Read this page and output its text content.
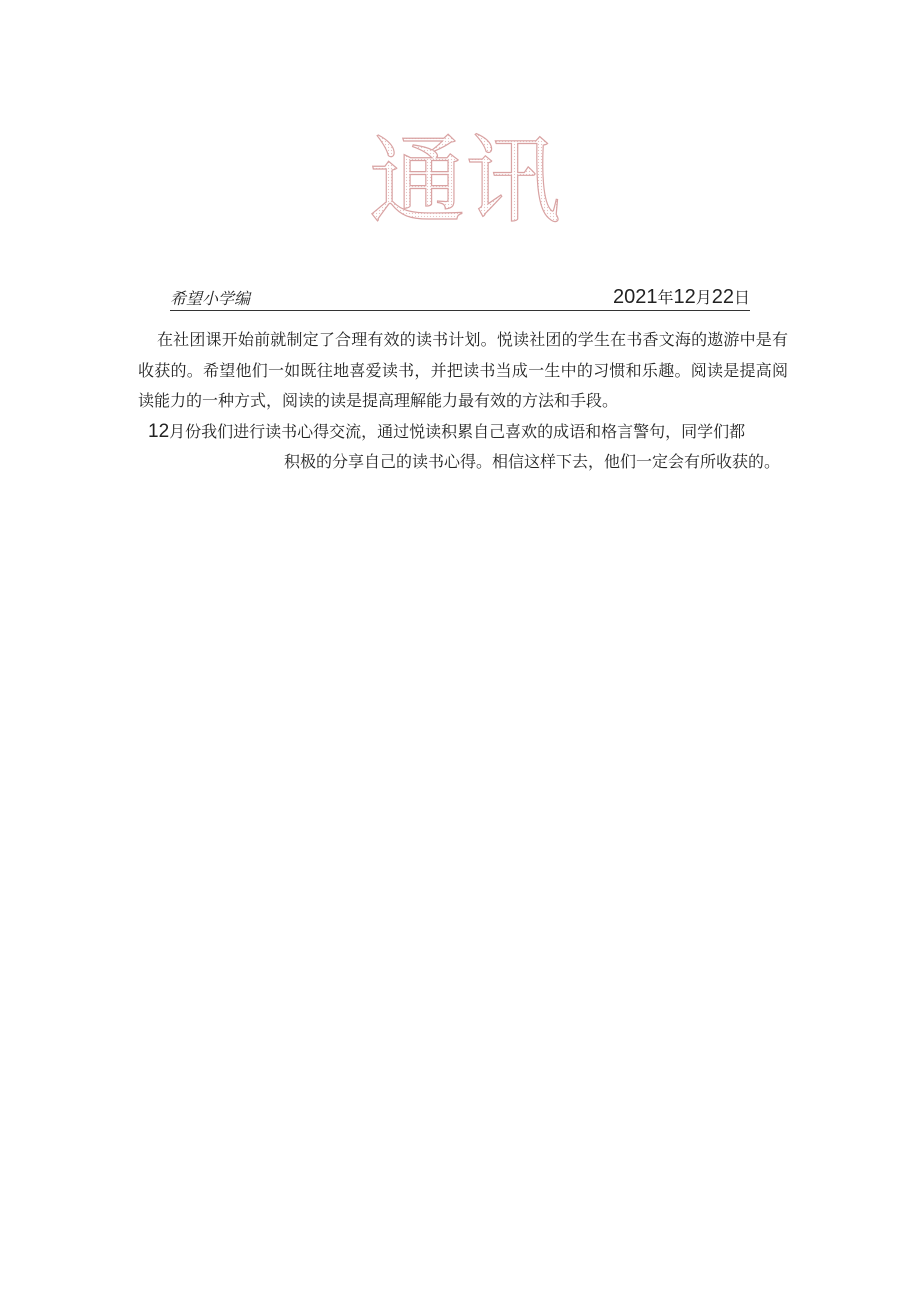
通讯
希望小学编	2021年12月22日

在社团课开始前就制定了合理有效的读书计划。悦读社团的学生在书香文海的遨游中是有收获的。希望他们一如既往地喜爱读书，并把读书当成一生中的习惯和乐趣。阅读是提高阅读能力的一种方式，阅读的读是提高理解能力最有效的方法和手段。

12月份我们进行读书心得交流，通过悦读积累自己喜欢的成语和格言警句，同学们都
积极的分享自己的读书心得。相信这样下去，他们一定会有所收获的。
